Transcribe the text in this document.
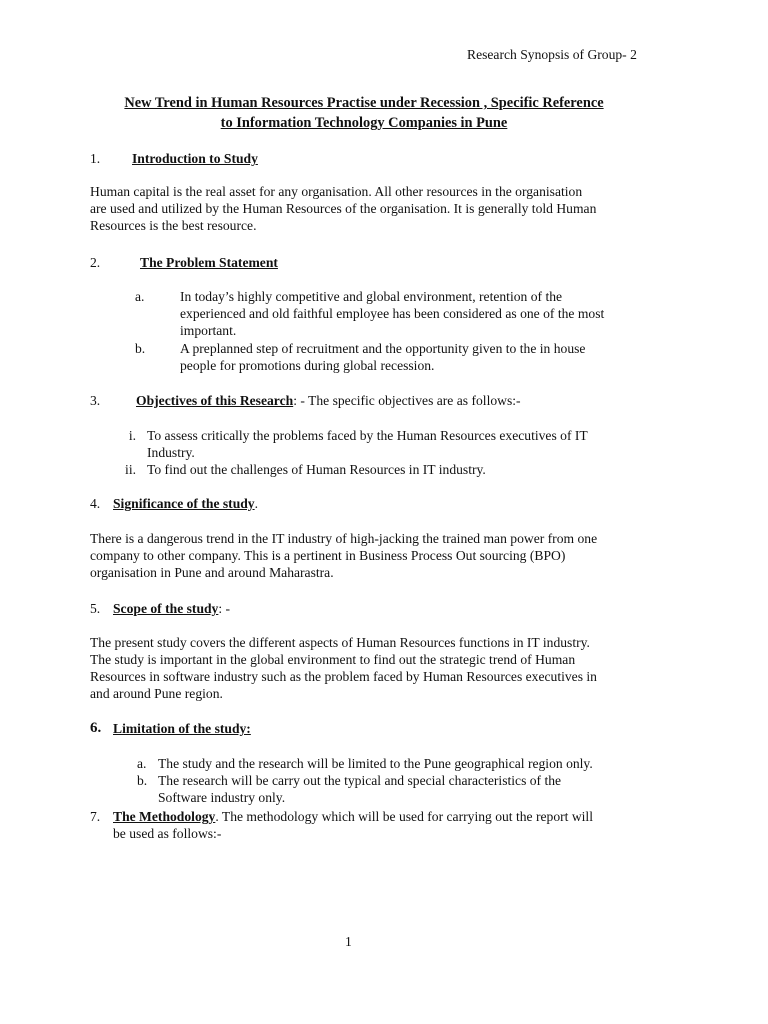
Research Synopsis of Group- 2
New Trend in Human Resources Practise under Recession , Specific Reference
to Information Technology Companies in Pune
1.	Introduction to Study
Human capital is the real asset for any organisation. All other resources in the organisation
are used and utilized by the Human Resources of the organisation. It is generally told Human
Resources is the best resource.
2.	The Problem Statement
a.	In today’s highly competitive and global environment, retention of the
experienced and old faithful employee has been considered as one of the most
important.
b.	A preplanned step of recruitment and the opportunity given to the in house
people for promotions during global recession.
3.	Objectives of this Research: - The specific objectives are as follows:-
i. To assess critically the problems faced by the Human Resources executives of IT
Industry.
ii. To find out the challenges of Human Resources in IT industry.
4. Significance of the study.
There is a dangerous trend in the IT industry of high-jacking the trained man power from one
company to other company. This is a pertinent in Business Process Out sourcing (BPO)
organisation in Pune and around Maharastra.
5. Scope of the study: -
The present study covers the different aspects of Human Resources functions in IT industry.
The study is important in the global environment to find out the strategic trend of Human
Resources in software industry such as the problem faced by Human Resources executives in
and around Pune region.
6. Limitation of the study:
a. The study and the research will be limited to the Pune geographical region only.
b. The research will be carry out the typical and special characteristics of the
Software industry only.
7. The Methodology. The methodology which will be used for carrying out the report will
be used as follows:-
1
